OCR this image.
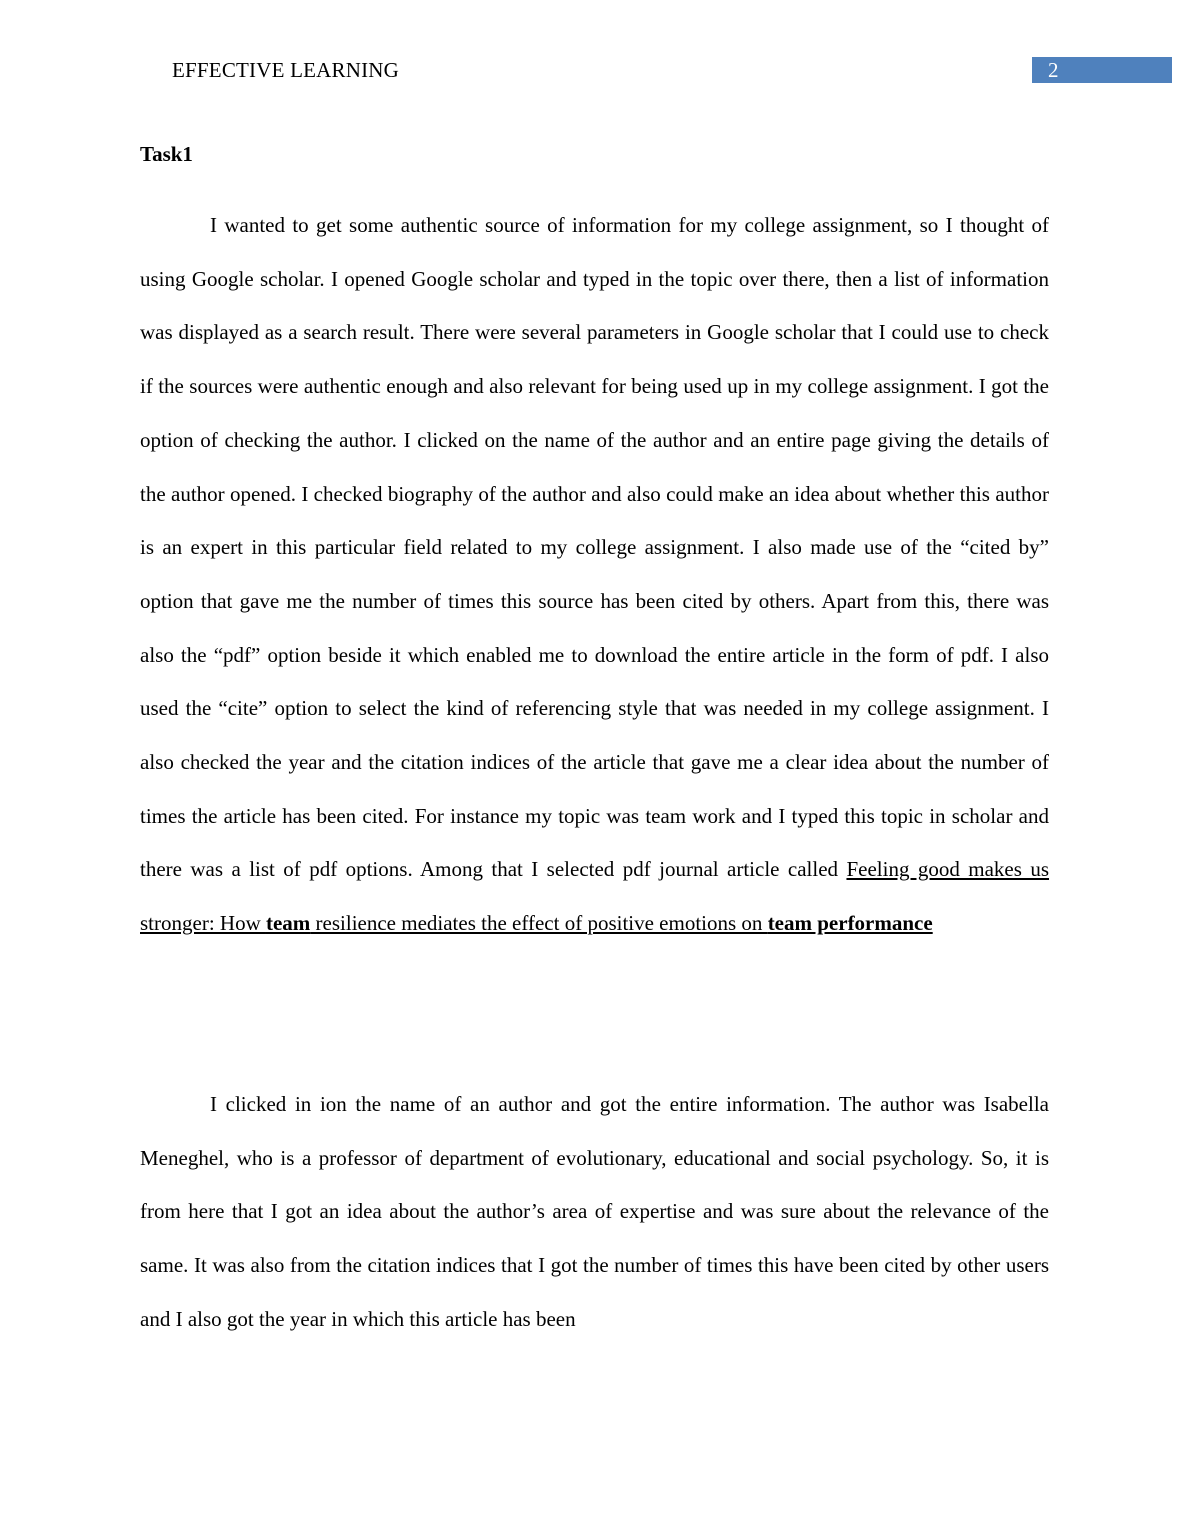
EFFECTIVE LEARNING	2
Task1

I wanted to get some authentic source of information for my college assignment, so I thought of using Google scholar. I opened Google scholar and typed in the topic over there, then a list of information was displayed as a search result. There were several parameters in Google scholar that I could use to check if the sources were authentic enough and also relevant for being used up in my college assignment. I got the option of checking the author. I clicked on the name of the author and an entire page giving the details of the author opened. I checked biography of the author and also could make an idea about whether this author is an expert in this particular field related to my college assignment. I also made use of the “cited by” option that gave me the number of times this source has been cited by others. Apart from this, there was also the “pdf” option beside it which enabled me to download the entire article in the form of pdf. I also used the “cite” option to select the kind of referencing style that was needed in my college assignment. I also checked the year and the citation indices of the article that gave me a clear idea about the number of times the article has been cited. For instance my topic was team work and I typed this topic in scholar and there was a list of pdf options. Among that I selected pdf journal article called Feeling good makes us stronger: How team resilience mediates the effect of positive emotions on team performance

I clicked in ion the name of an author and got the entire information. The author was Isabella Meneghel, who is a professor of department of evolutionary, educational and social psychology. So, it is from here that I got an idea about the author’s area of expertise and was sure about the relevance of the same. It was also from the citation indices that I got the number of times this have been cited by other users and I also got the year in which this article has been
